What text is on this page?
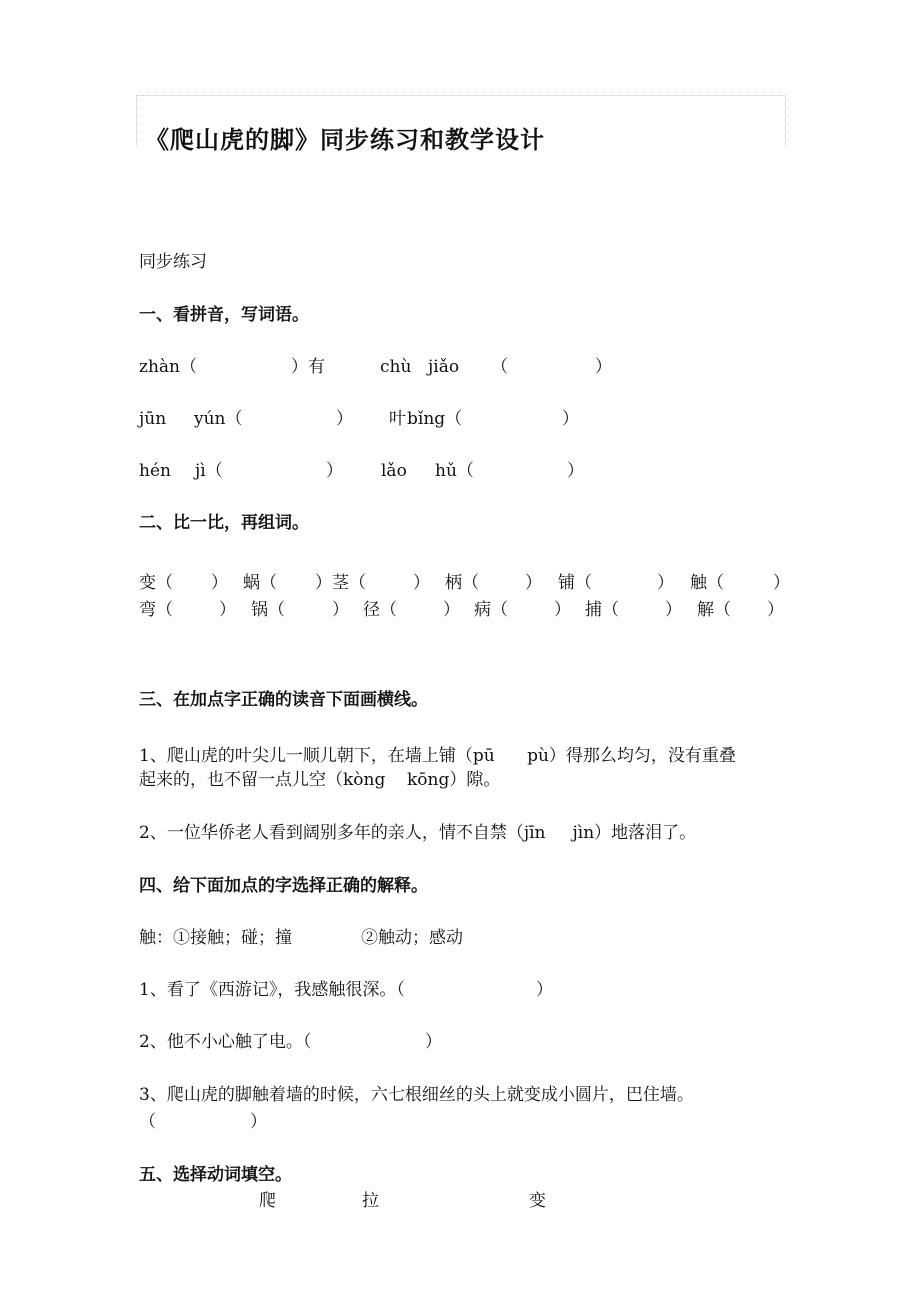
《爬山虎的脚》同步练习和教学设计
同步练习
一、看拼音，写词语。
zhàn（	）有	chù jiǎo （	）
jūn yún（	） 叶 bǐng（	）
hén jì（	） lǎo hǔ（	）
二、比一比，再组词。
变（ ） 蜗（ ）茎（	） 柄（	） 铺（	） 触（	）
弯（	） 锅（	） 径（	） 病（	） 捕（	） 解（ ）
三、在加点字正确的读音下面画横线。
1、爬山虎的叶尖儿一顺儿朝下，在墙上铺（pū      pù）得那么均匀，没有重叠
起来的，也不留一点儿空（kòng    kōng）隙。
2、一位华侨老人看到阔别多年的亲人，情不自禁（jīn     jìn）地落泪了。
四、给下面加点的字选择正确的解释。
触：①接触；碰；撞	②触动；感动
1、看了《西游记》，我感触很深。（	）
2、他不小心触了电。（	）
3、爬山虎的脚触着墙的时候，六七根细丝的头上就变成小圆片，巴住墙。
（	）
五、选择动词填空。
爬	拉	变
